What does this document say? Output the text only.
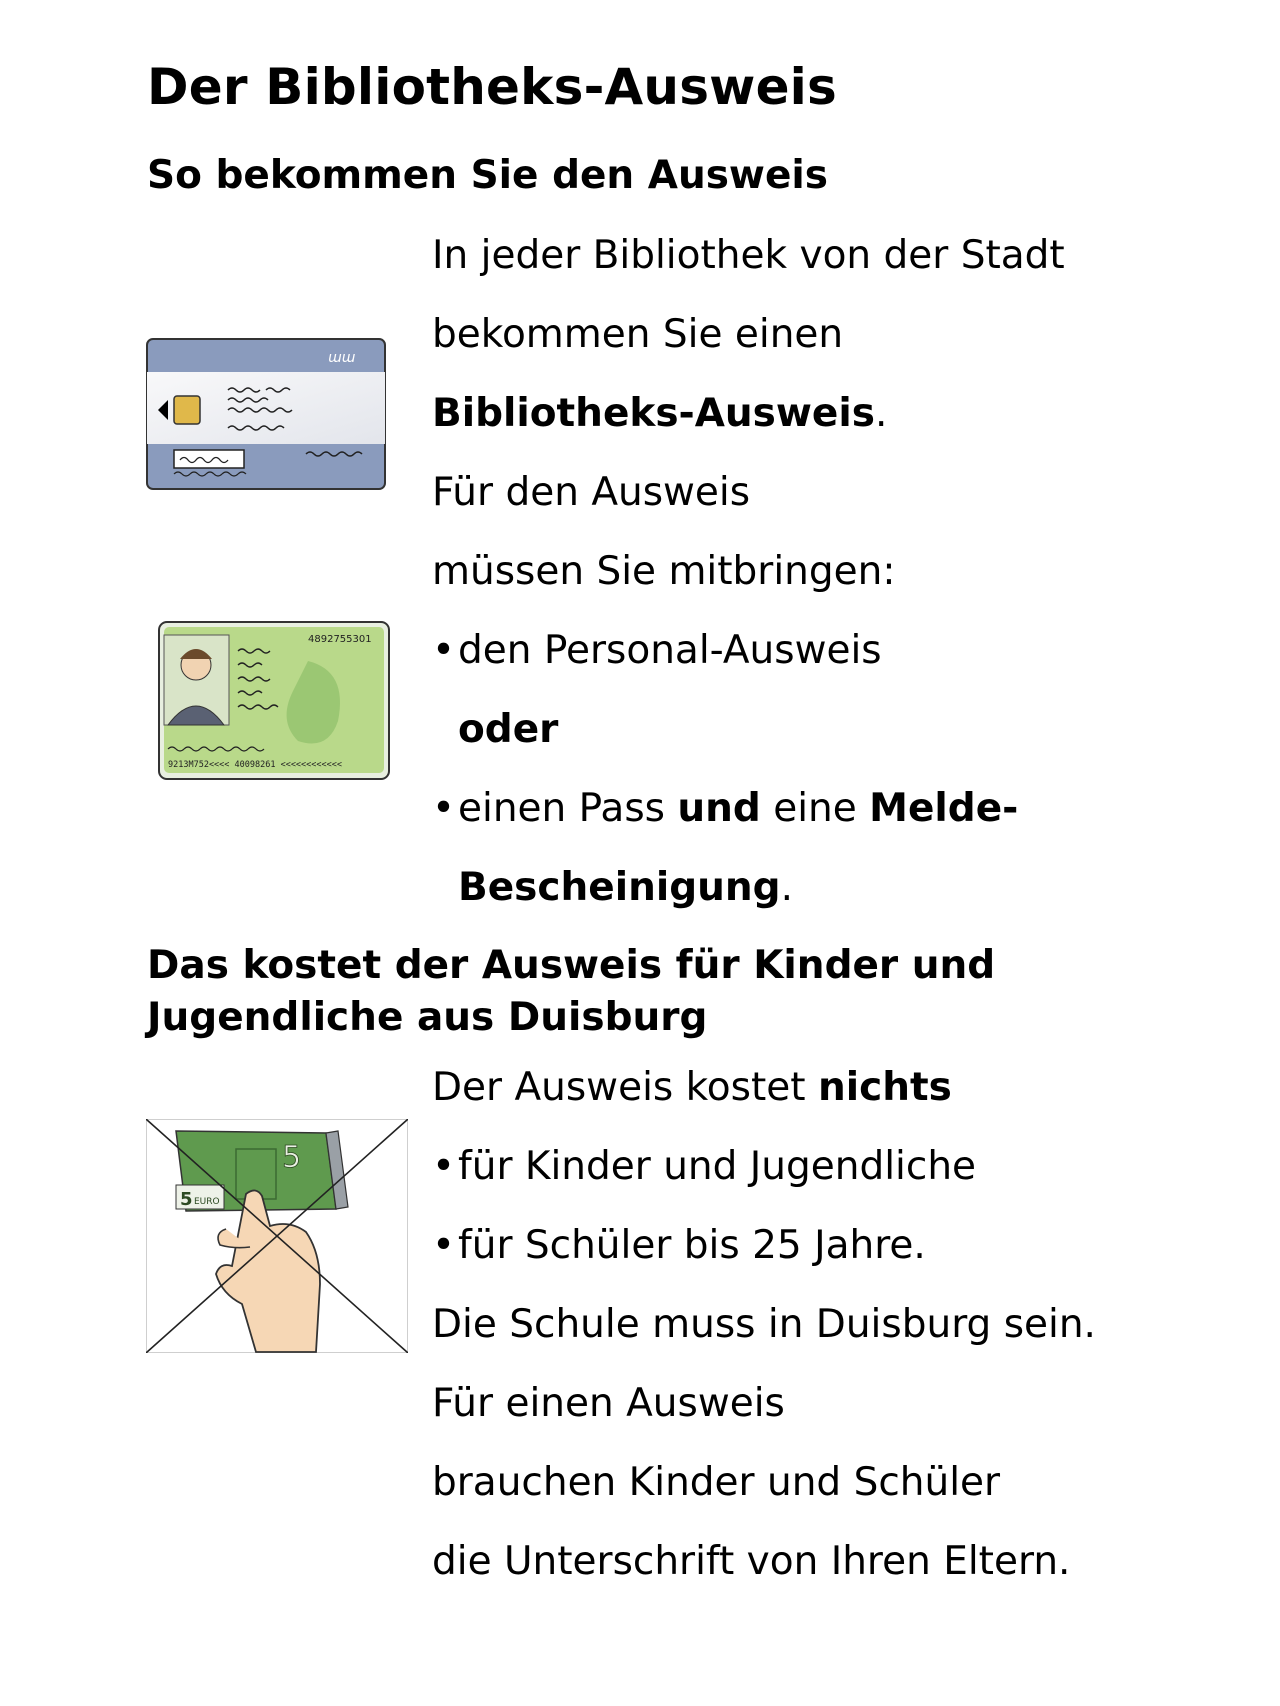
Der Bibliotheks-Ausweis
So bekommen Sie den Ausweis
In jeder Bibliothek von der Stadt
bekommen Sie einen
Bibliotheks-Ausweis.
Für den Ausweis
müssen Sie mitbringen:
•den Personal-Ausweis
oder
•einen Pass und eine Melde-
Bescheinigung.
ɯɯ
4892755301
9213M752<<<< 40098261 <<<<<<<<<<<<
Das kostet der Ausweis für Kinder und
Jugendliche aus Duisburg
Der Ausweis kostet nichts
•für Kinder und Jugendliche
•für Schüler bis 25 Jahre.
Die Schule muss in Duisburg sein.
Für einen Ausweis
brauchen Kinder und Schüler
die Unterschrift von Ihren Eltern.
5 EURO
5
